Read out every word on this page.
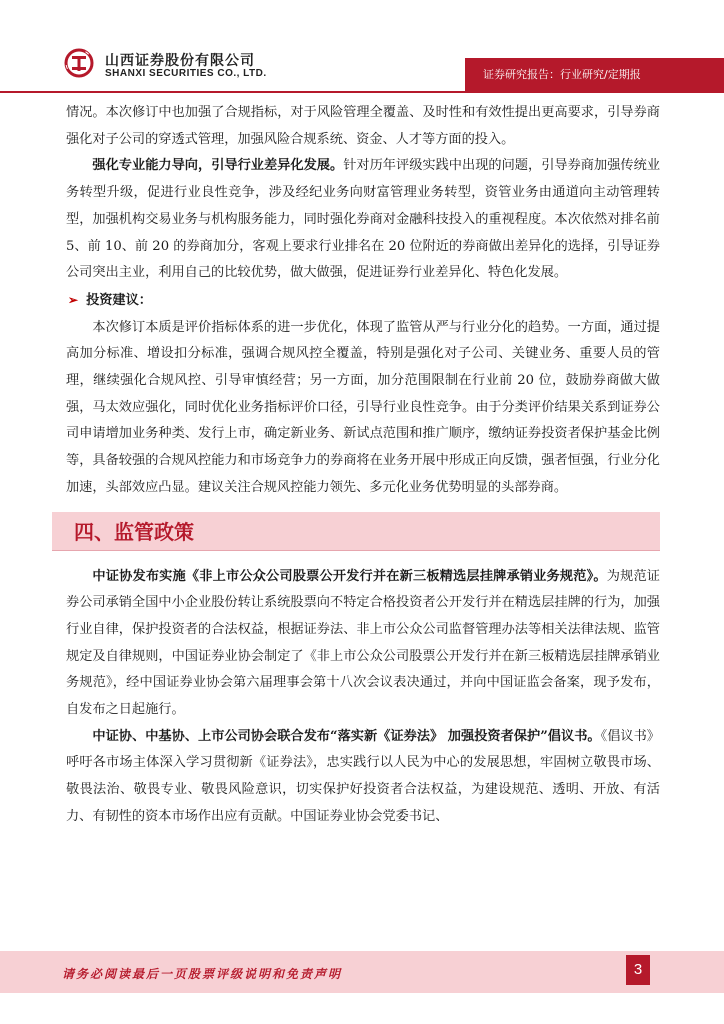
山西证券股份有限公司
SHANXI SECURITIES CO., LTD.	证券研究报告：行业研究/定期报

情况。本次修订中也加强了合规指标，对于风险管理全覆盖、及时性和有效性提出更高要求，引导券商强化对子公司的穿透式管理，加强风险合规系统、资金、人才等方面的投入。

强化专业能力导向，引导行业差异化发展。针对历年评级实践中出现的问题，引导券商加强传统业务转型升级，促进行业良性竞争，涉及经纪业务向财富管理业务转型，资管业务由通道向主动管理转型，加强机构交易业务与机构服务能力，同时强化券商对金融科技投入的重视程度。本次依然对排名前 5、前 10、前 20 的券商加分，客观上要求行业排名在 20 位附近的券商做出差异化的选择，引导证券公司突出主业，利用自己的比较优势，做大做强，促进证券行业差异化、特色化发展。

➢ 投资建议：

本次修订本质是评价指标体系的进一步优化，体现了监管从严与行业分化的趋势。一方面，通过提高加分标准、增设扣分标准，强调合规风控全覆盖，特别是强化对子公司、关键业务、重要人员的管理，继续强化合规风控、引导审慎经营；另一方面，加分范围限制在行业前 20 位，鼓励券商做大做强，马太效应强化，同时优化业务指标评价口径，引导行业良性竞争。由于分类评价结果关系到证券公司申请增加业务种类、发行上市，确定新业务、新试点范围和推广顺序，缴纳证券投资者保护基金比例等，具备较强的合规风控能力和市场竞争力的券商将在业务开展中形成正向反馈，强者恒强，行业分化加速，头部效应凸显。建议关注合规风控能力领先、多元化业务优势明显的头部券商。

四、监管政策

中证协发布实施《非上市公众公司股票公开发行并在新三板精选层挂牌承销业务规范》。为规范证券公司承销全国中小企业股份转让系统股票向不特定合格投资者公开发行并在精选层挂牌的行为，加强行业自律，保护投资者的合法权益，根据证券法、非上市公众公司监督管理办法等相关法律法规、监管规定及自律规则，中国证券业协会制定了《非上市公众公司股票公开发行并在新三板精选层挂牌承销业务规范》，经中国证券业协会第六届理事会第十八次会议表决通过，并向中国证监会备案，现予发布，自发布之日起施行。

中证协、中基协、上市公司协会联合发布“落实新《证券法》 加强投资者保护”倡议书。《倡议书》呼吁各市场主体深入学习贯彻新《证券法》，忠实践行以人民为中心的发展思想，牢固树立敬畏市场、敬畏法治、敬畏专业、敬畏风险意识，切实保护好投资者合法权益，为建设规范、透明、开放、有活力、有韧性的资本市场作出应有贡献。中国证券业协会党委书记、

请务必阅读最后一页股票评级说明和免责声明	3
